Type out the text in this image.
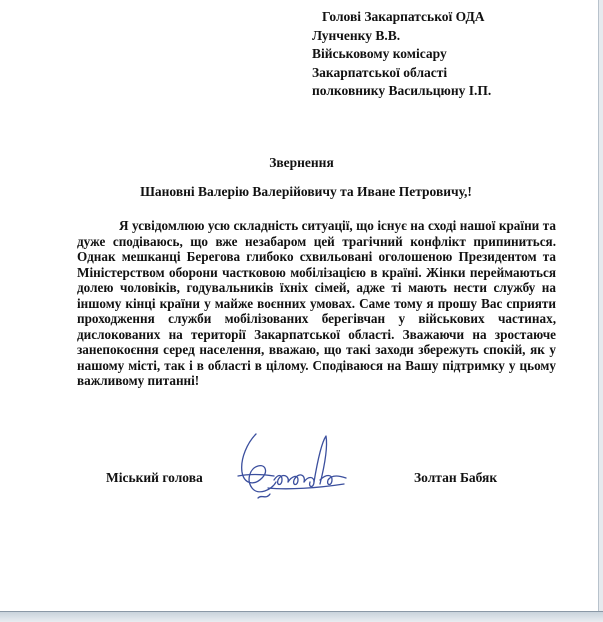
Голові Закарпатської ОДА
Лунченку В.В.
Військовому комісару
Закарпатської області
полковнику Васильцюну І.П.
Звернення
Шановні Валерію Валерійовичу та Иване Петровичу,!
Я усвідомлюю усю складність ситуації, що існує на сході нашої країни та дуже сподіваюсь, що вже незабаром цей трагічний конфлікт припиниться. Однак мешканці Берегова глибоко схвильовані оголошеною Президентом та Міністерством оборони частковою мобілізацією в країні. Жінки переймаються долею чоловіків, годувальників їхніх сімей, адже ті мають нести службу на іншому кінці країни у майже воєнних умовах. Саме тому я прошу Вас сприяти проходження служби мобілізованих берегівчан у військових частинах, дислокованих на території Закарпатської області. Зважаючи на зростаюче занепокоєння серед населення, вважаю, що такі заходи збережуть спокій, як у нашому місті, так і в області в цілому. Сподіваюся на Вашу підтримку у цьому важливому питанні!
Міський голова	Золтан Бабяк
